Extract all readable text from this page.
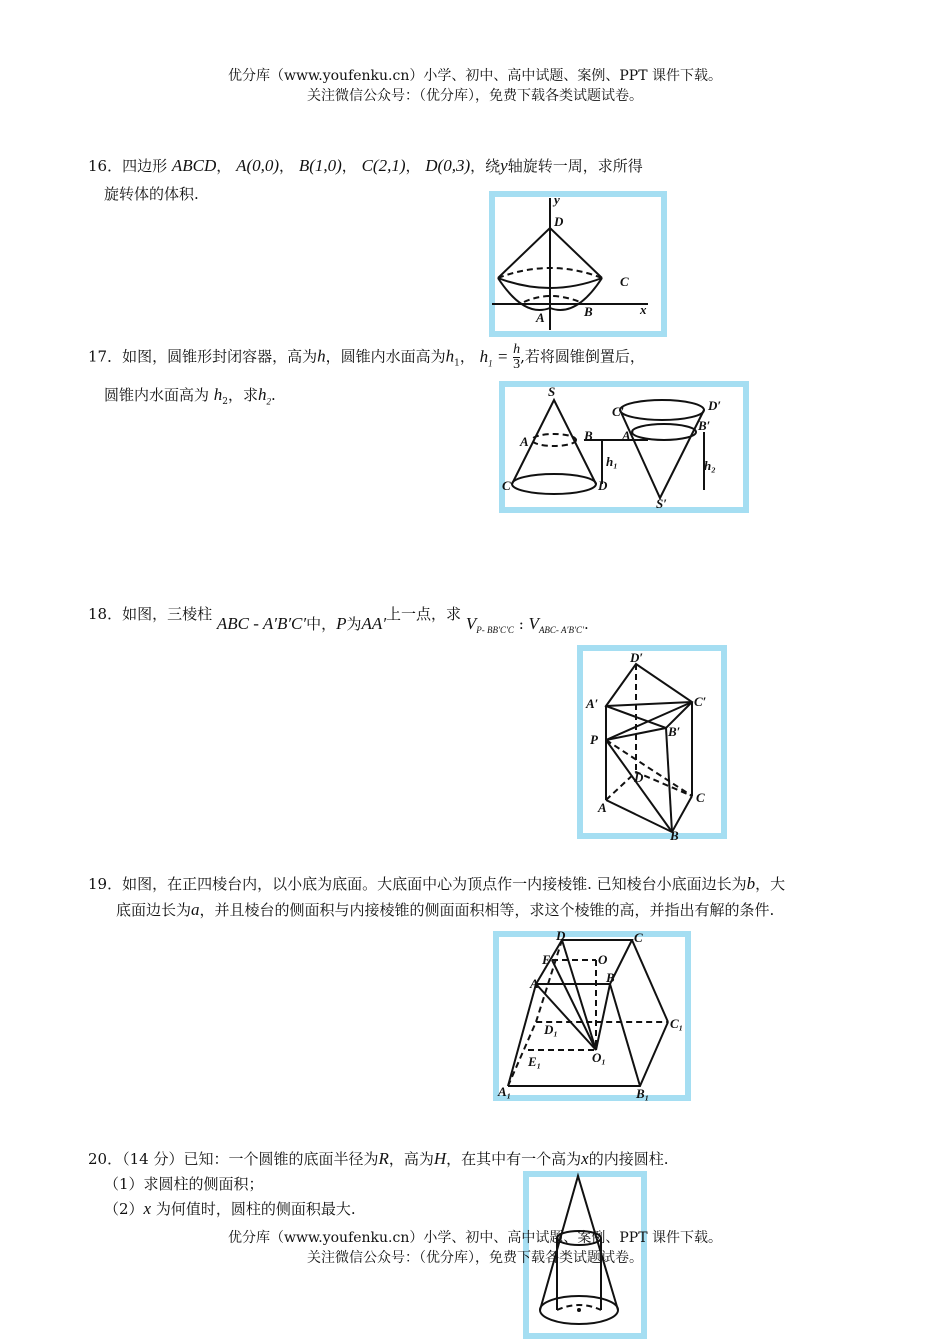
优分库（www.youfenku.cn）小学、初中、高中试题、案例、PPT 课件下载。
关注微信公众号：（优分库），免费下载各类试题试卷。
16．四边形 ABCD， A(0,0)， B(1,0)， C(2,1)， D(0,3)，绕y轴旋转一周，求所得
旋转体的体积.
D
C
A	B
y
x
17．如图，圆锥形封闭容器，高为h，圆锥内水面高为$h_1$， $h_1 = \frac{h}{3}$ ,若将圆锥倒置后，
圆锥内水面高为 $h_2$，求$h_2$.	S
A	B
C	D
h₁
C′	D′
A′
B′
h₂
S′
18．如图，三棱柱 ABC - A′B′C′中，P为AA′上一点，求 $V_{P- BB'C'C}$ : $V_{ABC- A'B'C'}$.
D′
A′	C′
B′
P
D
A
C
B
19．如图，在正四棱台内，以小底为底面。大底面中心为顶点作一内接棱锥. 已知棱台小底面边长为b，大
底面边长为a，并且棱台的侧面积与内接棱锥的侧面面积相等，求这个棱锥的高，并指出有解的条件.
D	C
E	O
A	B
D₁	C₁
E₁	O₁
A₁	B₁
20．（14 分）已知：一个圆锥的底面半径为R，高为H，在其中有一个高为x的内接圆柱.
（1）求圆柱的侧面积；
（2）x 为何值时，圆柱的侧面积最大.
优分库（www.youfenku.cn）小学、初中、高中试题、案例、PPT 课件下载。
关注微信公众号：（优分库），免费下载各类试题试卷。
